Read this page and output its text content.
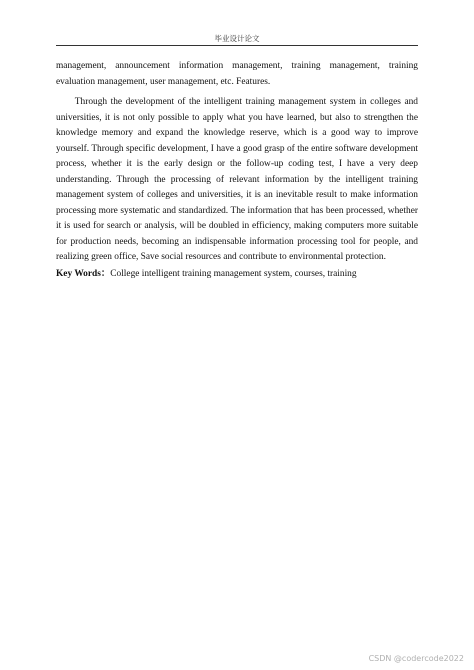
毕业设计论文

management, announcement information management, training management, training evaluation management, user management, etc. Features.

Through the development of the intelligent training management system in colleges and universities, it is not only possible to apply what you have learned, but also to strengthen the knowledge memory and expand the knowledge reserve, which is a good way to improve yourself. Through specific development, I have a good grasp of the entire software development process, whether it is the early design or the follow-up coding test, I have a very deep understanding. Through the processing of relevant information by the intelligent training management system of colleges and universities, it is an inevitable result to make information processing more systematic and standardized. The information that has been processed, whether it is used for search or analysis, will be doubled in efficiency, making computers more suitable for production needs, becoming an indispensable information processing tool for people, and realizing green office, Save social resources and contribute to environmental protection.

Key Words：College intelligent training management system, courses, training

CSDN @codercode2022
